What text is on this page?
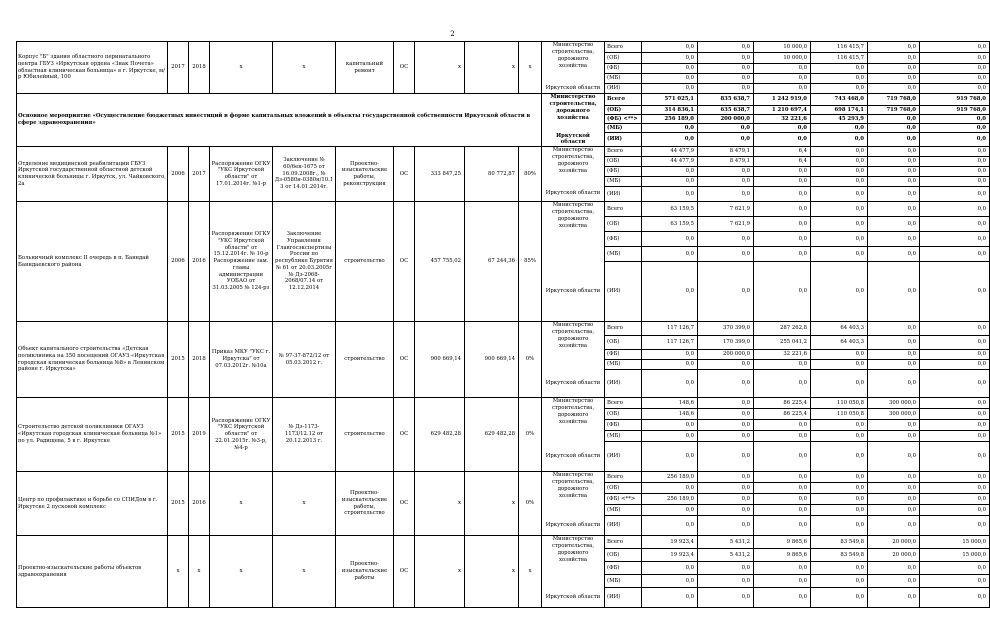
2
Корпус "Б" здания областного перинатального центра ГБУЗ «Иркутская ордена «Знак Почета» областная клиническая больница» в г. Иркутске, м/р Юбилейный, 100	2017	2018	х	х	капитальный ремонт	ОС	х	х	х	Министерство строительства, дорожного хозяйства	Всего	0,0	0,0	10 000,0	116 415,7	0,0	0,0
											(ОБ)	0,0	0,0	10 000,0	116 415,7	0,0	0,0
											(ФБ)	0,0	0,0	0,0	0,0	0,0	0,0
											(МБ)	0,0	0,0	0,0	0,0	0,0	0,0
										Иркутской области	(ИИ)	0,0	0,0	0,0	0,0	0,0	0,0
Основное мероприятие «Осуществление бюджетных инвестиций в форме капитальных вложений в объекты государственной собственности Иркутской области в сфере здравоохранения»										Министерство строительства, дорожного хозяйства	Всего	571 025,1	835 638,7	1 242 919,0	743 468,0	719 768,0	919 768,0
											(ОБ)	314 836,1	635 638,7	1 210 697,4	698 174,1	719 768,0	919 768,0
											(ФБ) <**>	256 189,0	200 000,0	32 221,6	45 293,9	0,0	0,0
											(МБ)	0,0	0,0	0,0	0,0	0,0	0,0
										Иркутской области	(ИИ)	0,0	0,0	0,0	0,0	0,0	0,0
Отделение медицинской реабилитации ГБУЗ Иркутской государственной областной детской клинической больницы г. Иркутск, ул. Чайковского, 2а	2006	2017	Распоряжение ОГКУ "УКС Иркутской области" от 17.01.2014г. №1-р	Заключение № 60/6ен-1675 от 16.09.2008г., № Дз-0580н-0380н/10.13 от 14.01.2014г.	Проектно-изыскательские работы, реконструкция	ОС	333 847,25	80 772,87	80%	Министерство строительства, дорожного хозяйства	Всего	44 477,9	8 479,1	6,4	0,0	0,0	0,0
											(ОБ)	44 477,9	8 479,1	6,4	0,0	0,0	0,0
											(ФБ)	0,0	0,0	0,0	0,0	0,0	0,0
											(МБ)	0,0	0,0	0,0	0,0	0,0	0,0
										Иркутской области	(ИИ)	0,0	0,0	0,0	0,0	0,0	0,0
Больничный комплекс II очередь в п. Баяндай Баяндаевского района	2006	2016	Распоряжение ОГКУ "УКС Иркутской области" от 15.12.2014г. № 10-р Распоряжение зам. главы администрации УОБАО от 31.03.2005 № 124-рз	Заключение Управления Главгосэкспертизы России по республике Бурятия № 61 от 20.03.2005г № Дз-2068-2068/07.14 от 12.12.2014	строительство	ОС	457 755,02	67 244,36	85%	Министерство строительства, дорожного хозяйства	Всего	63 159,5	7 621,9	0,0	0,0	0,0	0,0
											(ОБ)	63 159,5	7 621,9	0,0	0,0	0,0	0,0
											(ФБ)	0,0	0,0	0,0	0,0	0,0	0,0
											(МБ)	0,0	0,0	0,0	0,0	0,0	0,0
										Иркутской области	(ИИ)	0,0	0,0	0,0	0,0	0,0	0,0
Объект капитального строительства «Детская поликлиника на 350 посещений ОГАУЗ «Иркутская городская клиническая больница №8» в Ленинском районе г. Иркутска»	2015	2018	Приказ МКУ "УКС г. Иркутска" от 07.03.2012г. №10а	№ 97-37-872/12 от 05.03.2012 г.	строительство	ОС	900 669,14	900 669,14	0%	Министерство строительства, дорожного хозяйства	Всего	117 126,7	370 399,0	287 262,8	64 403,3	0,0	0,0
											(ОБ)	117 126,7	170 399,0	255 041,2	64 403,3	0,0	0,0
											(ФБ)	0,0	200 000,0	32 221,6	0,0	0,0	0,0
											(МБ)	0,0	0,0	0,0	0,0	0,0	0,0
										Иркутской области	(ИИ)	0,0	0,0	0,0	0,0	0,0	0,0
Строительство детской поликлиники ОГАУЗ «Иркутская городская клиническая больница №1» по ул. Радищева, 5 в г. Иркутске	2015	2019	Распоряжение ОГКУ "УКС Иркутской области" от 22.01.2015г. №3-р, №4-р	№ Дз-1173-1173/12.12 от 20.12.2013 г.	строительство	ОС	629 482,28	629 482,28	0%	Министерство строительства, дорожного хозяйства	Всего	148,6	0,0	86 225,4	110 050,8	300 000,0	0,0
											(ОБ)	148,6	0,0	86 225,4	110 050,8	300 000,0	0,0
											(ФБ)	0,0	0,0	0,0	0,0	0,0	0,0
											(МБ)	0,0	0,0	0,0	0,0	0,0	0,0
										Иркутской области	(ИИ)	0,0	0,0	0,0	0,0	0,0	0,0
Центр по профилактике и борьбе со СПИДом в г. Иркутске 2 пусковой комплекс	2015	2016	х	х	Проектно-изыскательские работы, строительство	ОС	х	х	0%	Министерство строительства, дорожного хозяйства	Всего	256 189,0	0,0	0,0	0,0	0,0	0,0
											(ОБ)	0,0	0,0	0,0	0,0	0,0	0,0
											(ФБ) <**>	256 189,0	0,0	0,0	0,0	0,0	0,0
											(МБ)	0,0	0,0	0,0	0,0	0,0	0,0
										Иркутской области	(ИИ)	0,0	0,0	0,0	0,0	0,0	0,0
Проектно-изыскательские работы объектов здравоохранения	х	х	х	х	Проектно-изыскательские работы	ОС	х	х	х	Министерство строительства, дорожного хозяйства	Всего	19 923,4	5 431,2	9 865,6	83 549,8	20 000,0	15 000,0
											(ОБ)	19 923,4	5 431,2	9 865,6	83 549,8	20 000,0	15 000,0
											(ФБ)	0,0	0,0	0,0	0,0	0,0	0,0
											(МБ)	0,0	0,0	0,0	0,0	0,0	0,0
										Иркутской области	(ИИ)	0,0	0,0	0,0	0,0	0,0	0,0
